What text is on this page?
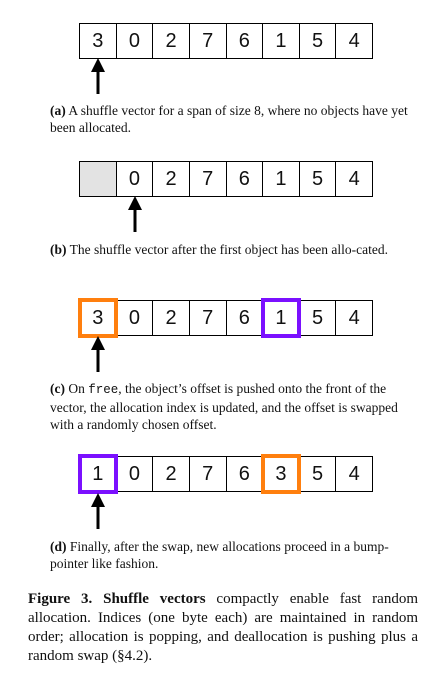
3	0	2	7	6	1	5	4
(a) A shuffle vector for a span of size 8, where no objects have yet been allocated.
0	2	7	6	1	5	4
(b) The shuffle vector after the first object has been allo-cated.
3	0	2	7	6	1	5	4
(c) On free, the object’s offset is pushed onto the front of the vector, the allocation index is updated, and the offset is swapped with a randomly chosen offset.
1	0	2	7	6	3	5	4
(d) Finally, after the swap, new allocations proceed in a bump-pointer like fashion.
Figure 3. Shuffle vectors compactly enable fast random allocation. Indices (one byte each) are maintained in random order; allocation is popping, and deallocation is pushing plus a random swap (§4.2).
